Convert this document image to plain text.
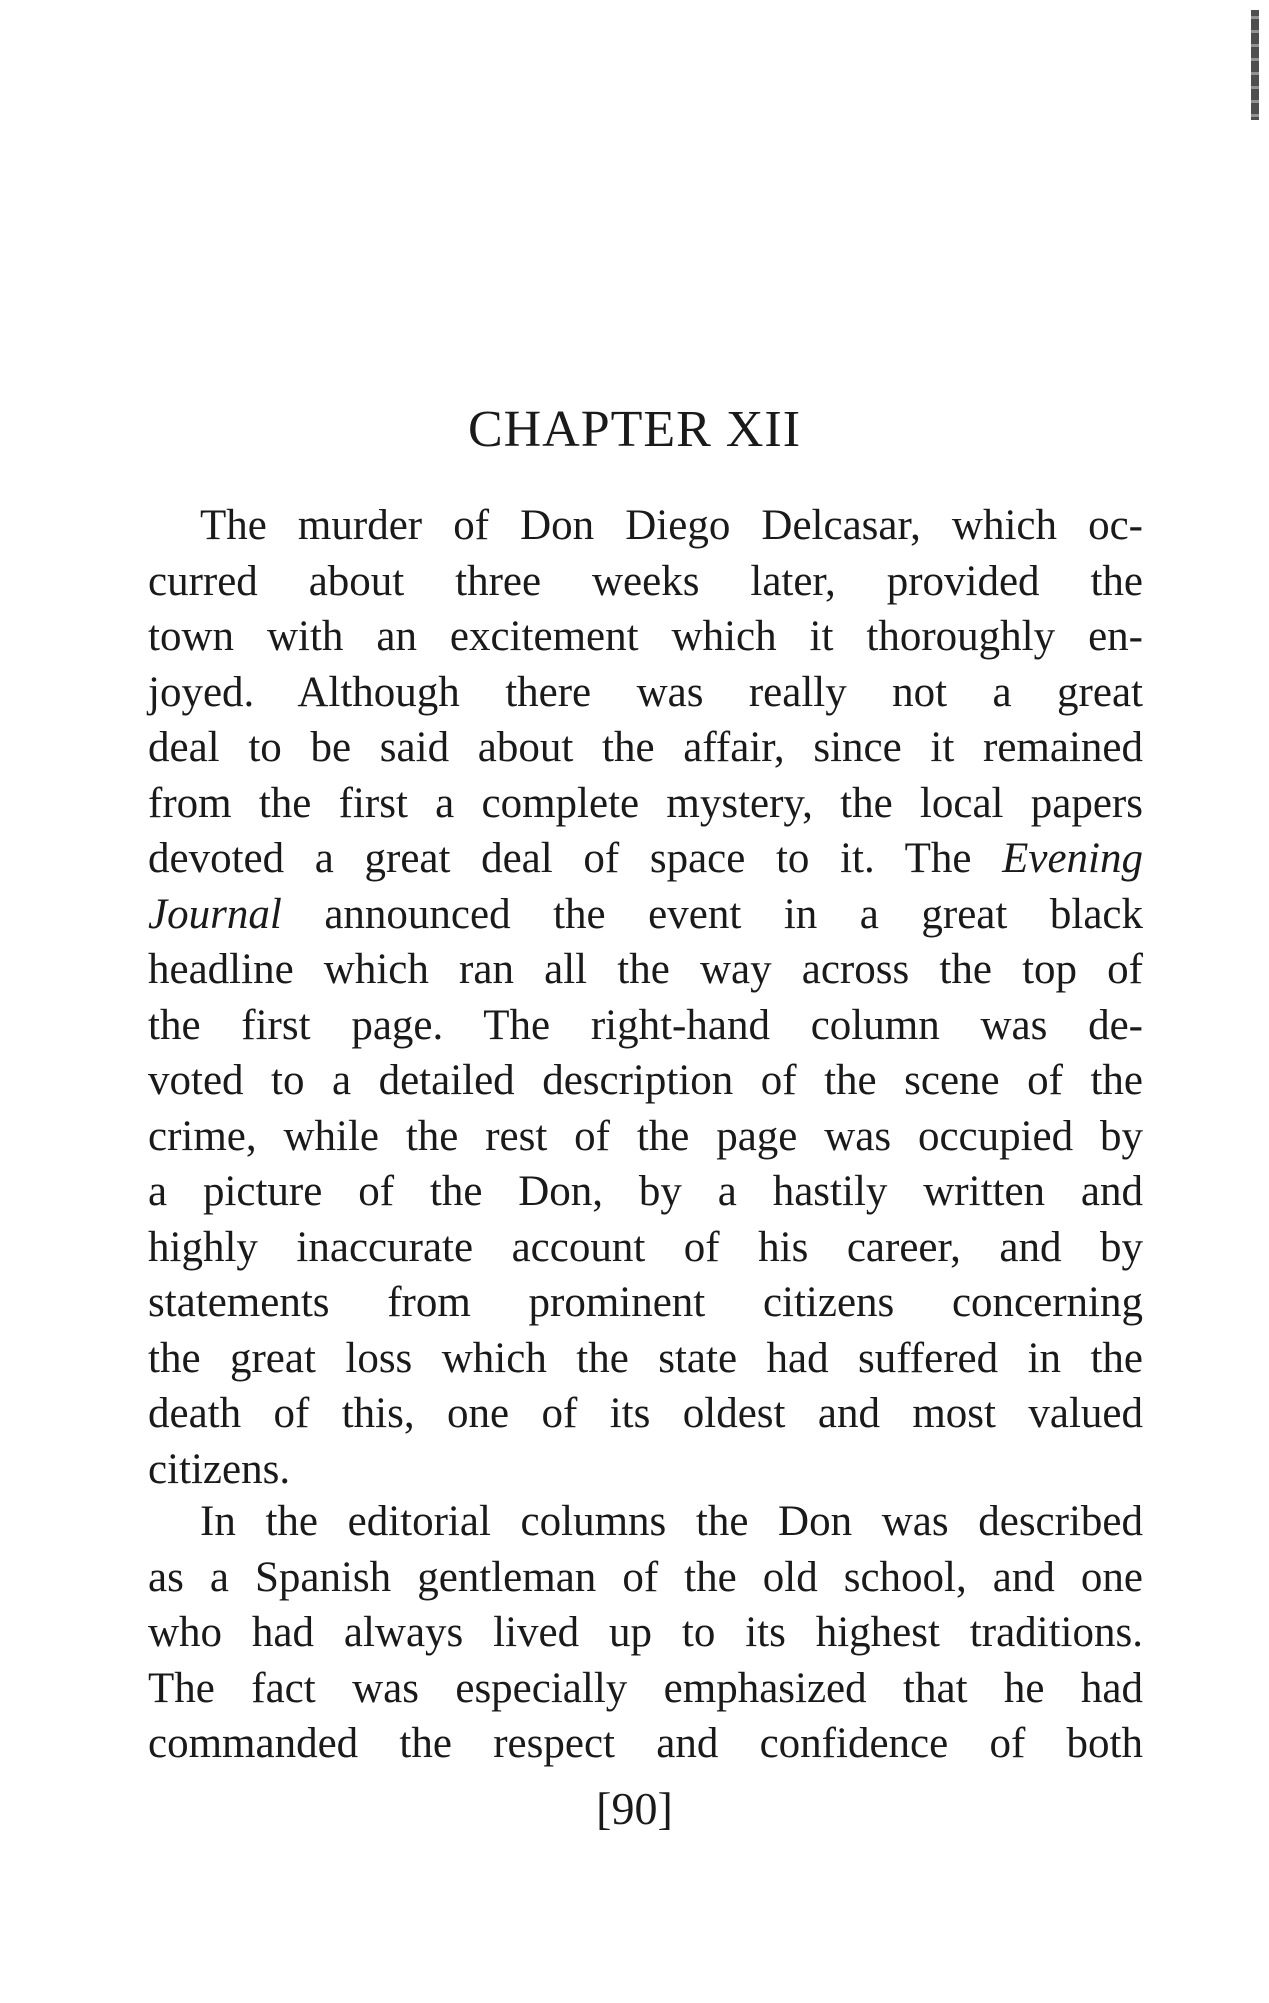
CHAPTER XII
The murder of Don Diego Delcasar, which oc-
curred about three weeks later, provided the
town with an excitement which it thoroughly en-
joyed. Although there was really not a great
deal to be said about the affair, since it remained
from the first a complete mystery, the local papers
devoted a great deal of space to it. The Evening
Journal announced the event in a great black
headline which ran all the way across the top of
the first page. The right-hand column was de-
voted to a detailed description of the scene of the
crime, while the rest of the page was occupied by
a picture of the Don, by a hastily written and
highly inaccurate account of his career, and by
statements from prominent citizens concerning
the great loss which the state had suffered in the
death of this, one of its oldest and most valued
citizens.
In the editorial columns the Don was described
as a Spanish gentleman of the old school, and one
who had always lived up to its highest traditions.
The fact was especially emphasized that he had
commanded the respect and confidence of both
[90]
